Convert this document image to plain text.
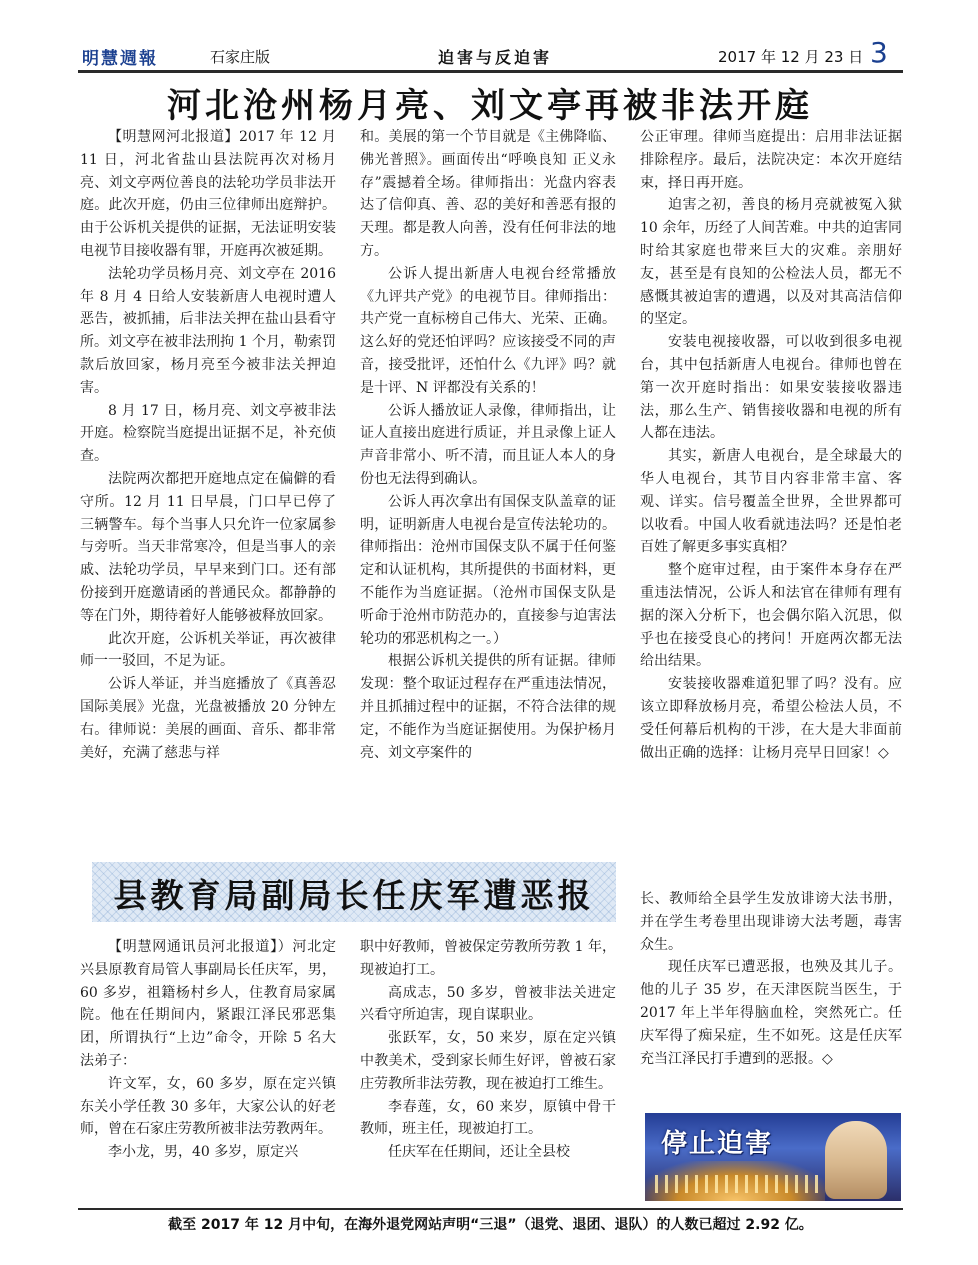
明慧週報	石家庄版	迫害与反迫害	2017 年 12 月 23 日 3
河北沧州杨月亮、刘文亭再被非法开庭

【明慧网河北报道】2017 年 12 月 11 日，河北省盐山县法院再次对杨月亮、刘文亭两位善良的法轮功学员非法开庭。此次开庭，仍由三位律师出庭辩护。由于公诉机关提供的证据，无法证明安装电视节目接收器有罪，开庭再次被延期。

法轮功学员杨月亮、刘文亭在 2016 年 8 月 4 日给人安装新唐人电视时遭人恶告，被抓捕，后非法关押在盐山县看守所。刘文亭在被非法刑拘 1 个月，勒索罚款后放回家，杨月亮至今被非法关押迫害。

8 月 17 日，杨月亮、刘文亭被非法开庭。检察院当庭提出证据不足，补充侦查。

法院两次都把开庭地点定在偏僻的看守所。12 月 11 日早晨，门口早已停了三辆警车。每个当事人只允许一位家属参与旁听。当天非常寒冷，但是当事人的亲戚、法轮功学员，早早来到门口。还有部份接到开庭邀请函的普通民众。都静静的等在门外，期待着好人能够被释放回家。

此次开庭，公诉机关举证，再次被律师一一驳回，不足为证。

公诉人举证，并当庭播放了《真善忍国际美展》光盘，光盘被播放 20 分钟左右。律师说：美展的画面、音乐、都非常美好，充满了慈悲与祥

和。美展的第一个节目就是《主佛降临、佛光普照》。画面传出“呼唤良知 正义永存”震撼着全场。律师指出：光盘内容表达了信仰真、善、忍的美好和善恶有报的天理。都是教人向善，没有任何非法的地方。

公诉人提出新唐人电视台经常播放《九评共产党》的电视节目。律师指出：共产党一直标榜自己伟大、光荣、正确。这么好的党还怕评吗？应该接受不同的声音，接受批评，还怕什么《九评》吗？就是十评、N 评都没有关系的！

公诉人播放证人录像，律师指出，让证人直接出庭进行质证，并且录像上证人声音非常小、听不清，而且证人本人的身份也无法得到确认。

公诉人再次拿出有国保支队盖章的证明，证明新唐人电视台是宣传法轮功的。律师指出：沧州市国保支队不属于任何鉴定和认证机构，其所提供的书面材料，更不能作为当庭证据。（沧州市国保支队是听命于沧州市防范办的，直接参与迫害法轮功的邪恶机构之一。）

根据公诉机关提供的所有证据。律师发现：整个取证过程存在严重违法情况，并且抓捕过程中的证据，不符合法律的规定，不能作为当庭证据使用。为保护杨月亮、刘文亭案件的

公正审理。律师当庭提出：启用非法证据排除程序。最后，法院决定：本次开庭结束，择日再开庭。

迫害之初，善良的杨月亮就被冤入狱 10 余年，历经了人间苦难。中共的迫害同时给其家庭也带来巨大的灾难。亲朋好友，甚至是有良知的公检法人员，都无不感慨其被迫害的遭遇，以及对其高洁信仰的坚定。

安装电视接收器，可以收到很多电视台，其中包括新唐人电视台。律师也曾在第一次开庭时指出：如果安装接收器违法，那么生产、销售接收器和电视的所有人都在违法。

其实，新唐人电视台，是全球最大的华人电视台，其节目内容非常丰富、客观、详实。信号覆盖全世界，全世界都可以收看。中国人收看就违法吗？还是怕老百姓了解更多事实真相？

整个庭审过程，由于案件本身存在严重违法情况，公诉人和法官在律师有理有据的深入分析下，也会偶尔陷入沉思，似乎也在接受良心的拷问！开庭两次都无法给出结果。

安装接收器难道犯罪了吗？没有。应该立即释放杨月亮，希望公检法人员，不受任何幕后机构的干涉，在大是大非面前做出正确的选择：让杨月亮早日回家！◇

县教育局副局长任庆军遭恶报

【明慧网通讯员河北报道】）河北定兴县原教育局管人事副局长任庆军，男，60 多岁，祖籍杨村乡人，住教育局家属院。他在任期间内，紧跟江泽民邪恶集团，所谓执行“上边”命令，开除 5 名大法弟子：

许文军，女，60 多岁，原在定兴镇东关小学任教 30 多年，大家公认的好老师，曾在石家庄劳教所被非法劳教两年。

李小龙，男，40 多岁，原定兴

职中好教师，曾被保定劳教所劳教 1 年，现被迫打工。

高成志，50 多岁，曾被非法关进定兴看守所迫害，现自谋职业。

张跃军，女，50 来岁，原在定兴镇中教美术，受到家长师生好评，曾被石家庄劳教所非法劳教，现在被迫打工维生。

李春莲，女，60 来岁，原镇中骨干教师，班主任，现被迫打工。

任庆军在任期间，还让全县校

长、教师给全县学生发放诽谤大法书册，并在学生考卷里出现诽谤大法考题，毒害众生。

现任庆军已遭恶报，也殃及其儿子。他的儿子 35 岁，在天津医院当医生，于 2017 年上半年得脑血栓，突然死亡。任庆军得了痴呆症，生不如死。这是任庆军充当江泽民打手遭到的恶报。◇

停止迫害
截至 2017 年 12 月中旬，在海外退党网站声明“三退”（退党、退团、退队）的人数已超过 2.92 亿。
